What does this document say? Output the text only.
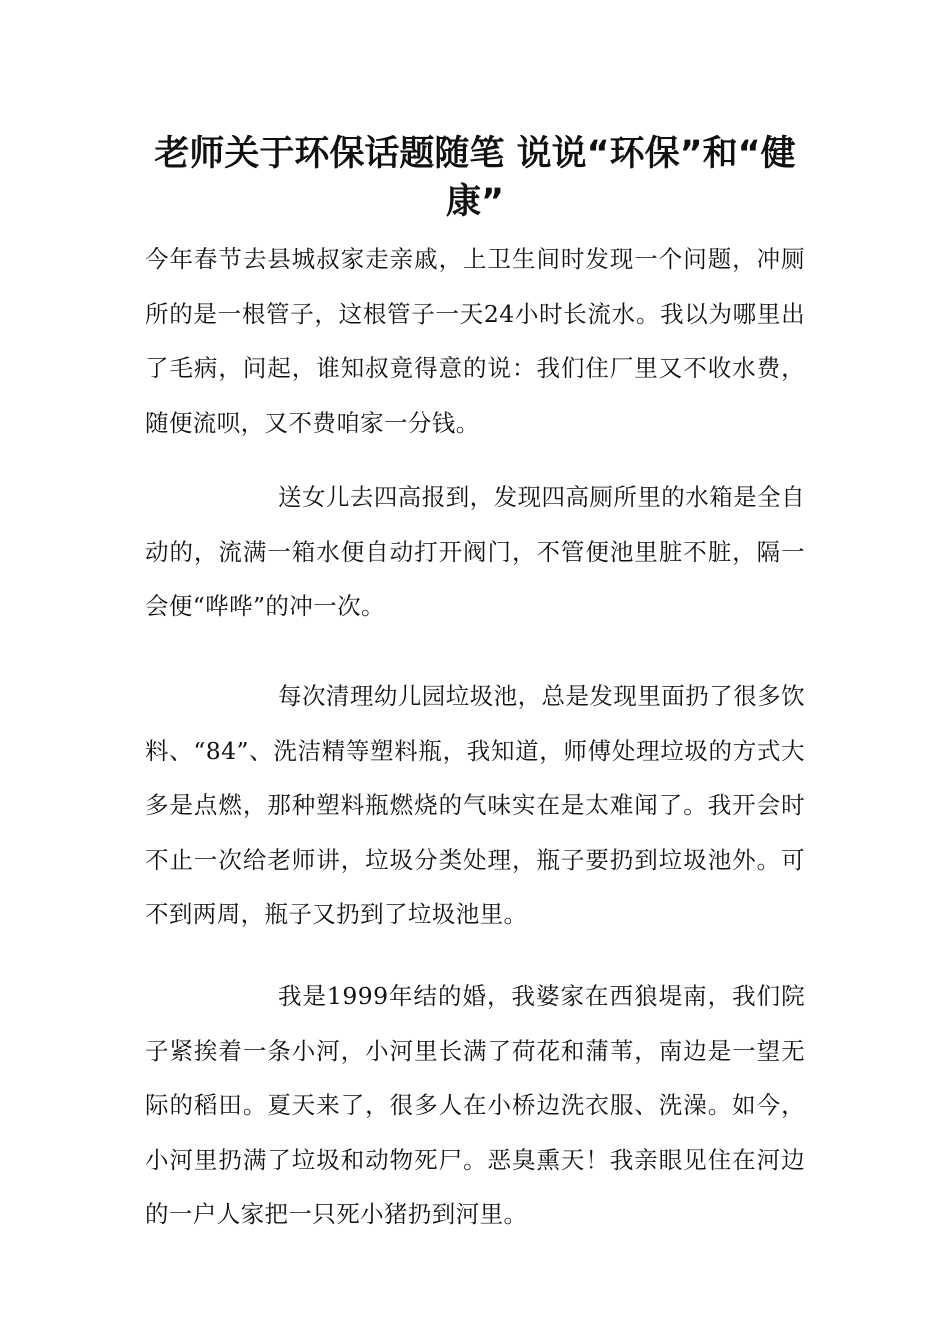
老师关于环保话题随笔 说说“环保”和“健康”

今年春节去县城叔家走亲戚，上卫生间时发现一个问题，冲厕所的是一根管子，这根管子一天24小时长流水。我以为哪里出了毛病，问起，谁知叔竟得意的说：我们住厂里又不收水费，随便流呗，又不费咱家一分钱。

送女儿去四高报到，发现四高厕所里的水箱是全自动的，流满一箱水便自动打开阀门，不管便池里脏不脏，隔一会便“哗哗”的冲一次。

每次清理幼儿园垃圾池，总是发现里面扔了很多饮料、“84”、洗洁精等塑料瓶，我知道，师傅处理垃圾的方式大多是点燃，那种塑料瓶燃烧的气味实在是太难闻了。我开会时不止一次给老师讲，垃圾分类处理，瓶子要扔到垃圾池外。可不到两周，瓶子又扔到了垃圾池里。

我是1999年结的婚，我婆家在西狼堤南，我们院子紧挨着一条小河，小河里长满了荷花和蒲苇，南边是一望无际的稻田。夏天来了，很多人在小桥边洗衣服、洗澡。如今，小河里扔满了垃圾和动物死尸。恶臭熏天！我亲眼见住在河边的一户人家把一只死小猪扔到河里。
